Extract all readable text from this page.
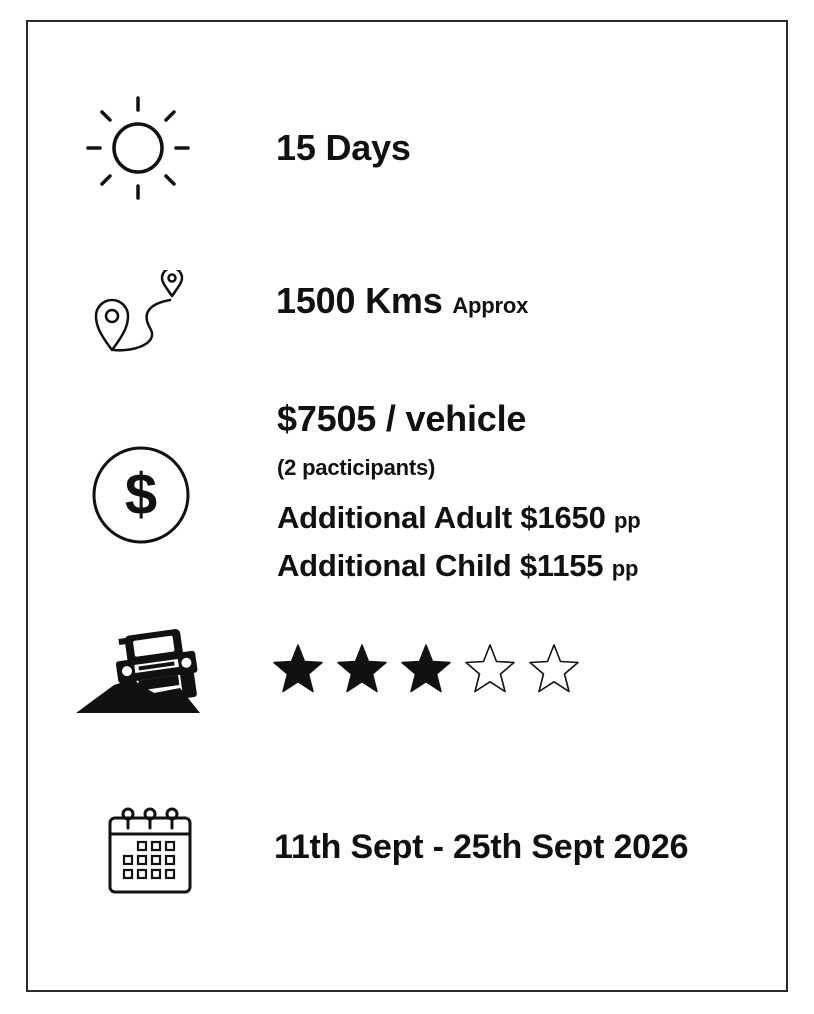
15 Days
1500 Kms Approx
$
$7505 / vehicle
(2 pacticipants)
Additional Adult $1650 pp
Additional Child $1155 pp
11th Sept - 25th Sept 2026
